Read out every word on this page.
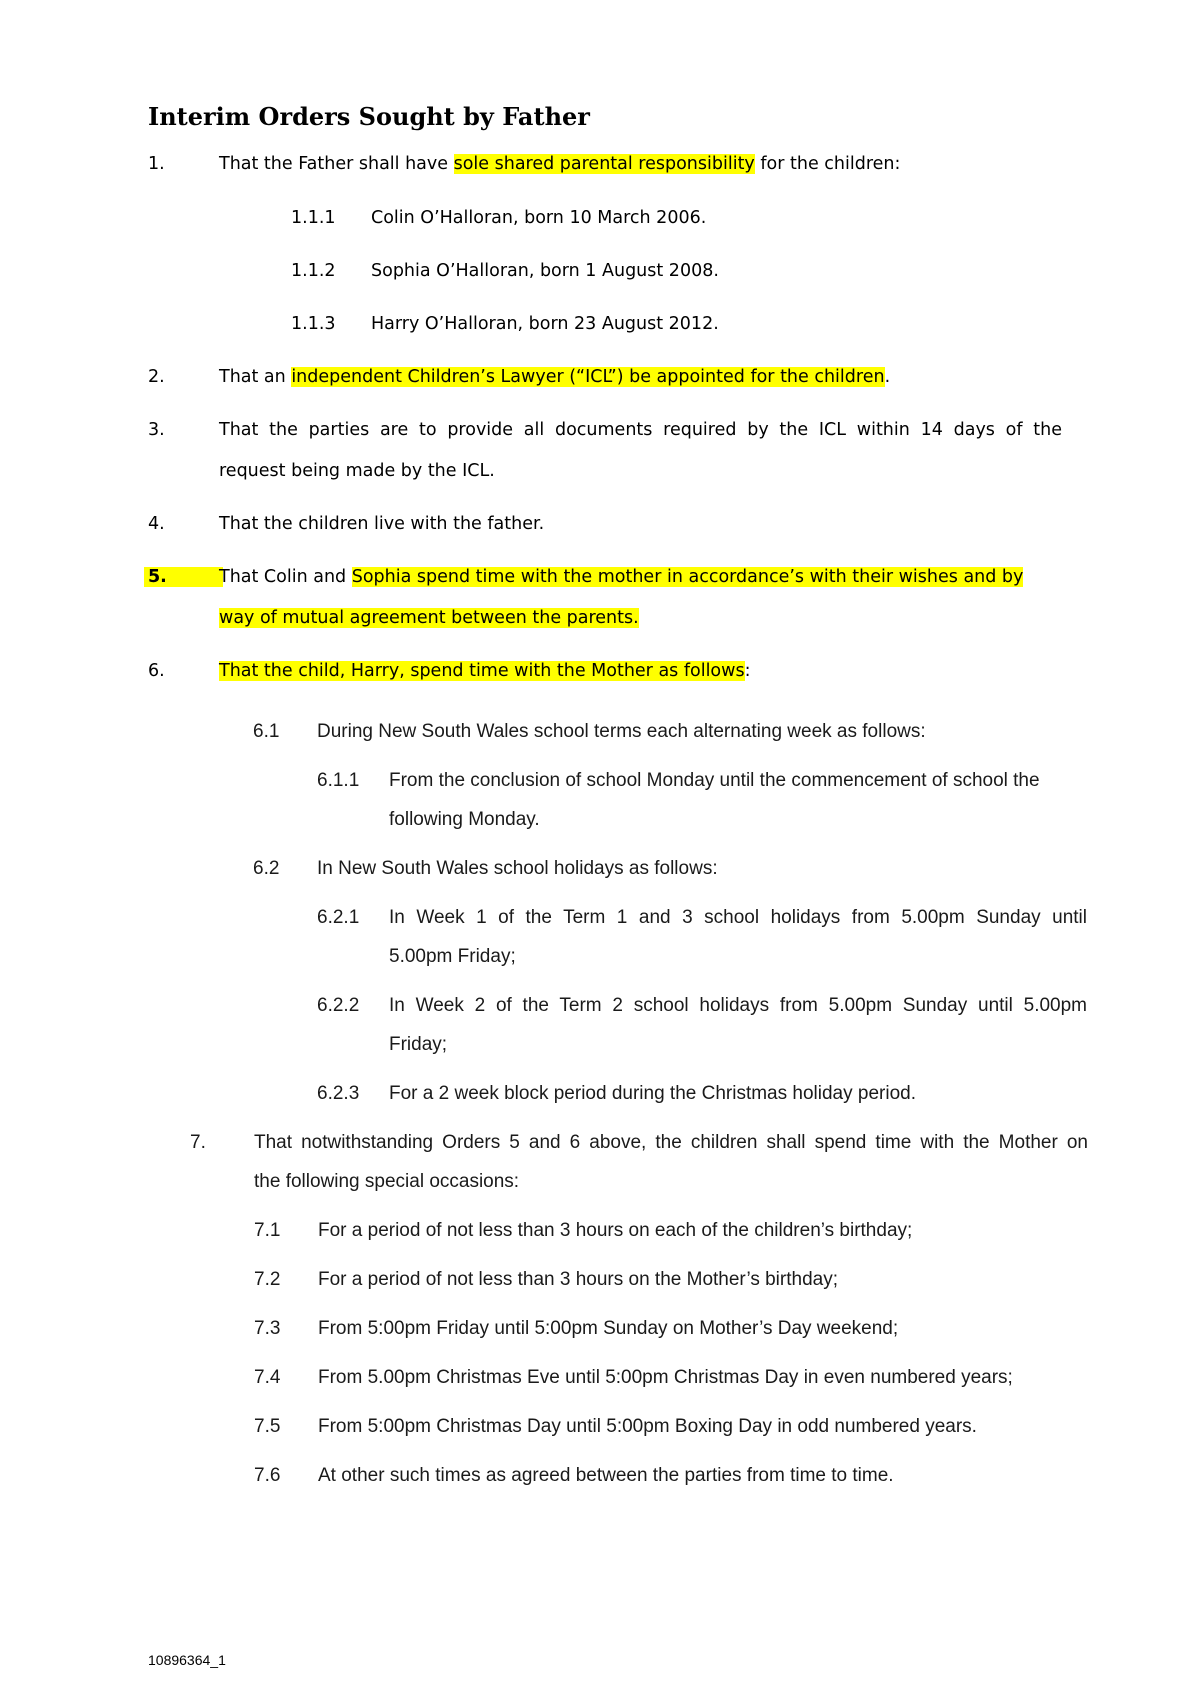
Interim Orders Sought by Father
1.	That the Father shall have sole shared parental responsibility for the children:
1.1.1 Colin O’Halloran, born 10 March 2006.
1.1.2 Sophia O’Halloran, born 1 August 2008.
1.1.3 Harry O’Halloran, born 23 August 2012.
2.	That an independent Children’s Lawyer (“ICL”) be appointed for the children.
3.	That the parties are to provide all documents required by the ICL within 14 days of the
request being made by the ICL.
4.	That the children live with the father.
5.	That Colin and Sophia spend time with the mother in accordance’s with their wishes and by
way of mutual agreement between the parents.
6.	That the child, Harry, spend time with the Mother as follows:
6.1 During New South Wales school terms each alternating week as follows:
6.1.1 From the conclusion of school Monday until the commencement of school the
following Monday.
6.2 In New South Wales school holidays as follows:
6.2.1 In Week 1 of the Term 1 and 3 school holidays from 5.00pm Sunday until
5.00pm Friday;
6.2.2 In Week 2 of the Term 2 school holidays from 5.00pm Sunday until 5.00pm
Friday;
6.2.3 For a 2 week block period during the Christmas holiday period.
7.	That notwithstanding Orders 5 and 6 above, the children shall spend time with the Mother on
the following special occasions:
7.1 For a period of not less than 3 hours on each of the children’s birthday;
7.2 For a period of not less than 3 hours on the Mother’s birthday;
7.3 From 5:00pm Friday until 5:00pm Sunday on Mother’s Day weekend;
7.4 From 5.00pm Christmas Eve until 5:00pm Christmas Day in even numbered years;
7.5 From 5:00pm Christmas Day until 5:00pm Boxing Day in odd numbered years.
7.6 At other such times as agreed between the parties from time to time.
10896364_1
